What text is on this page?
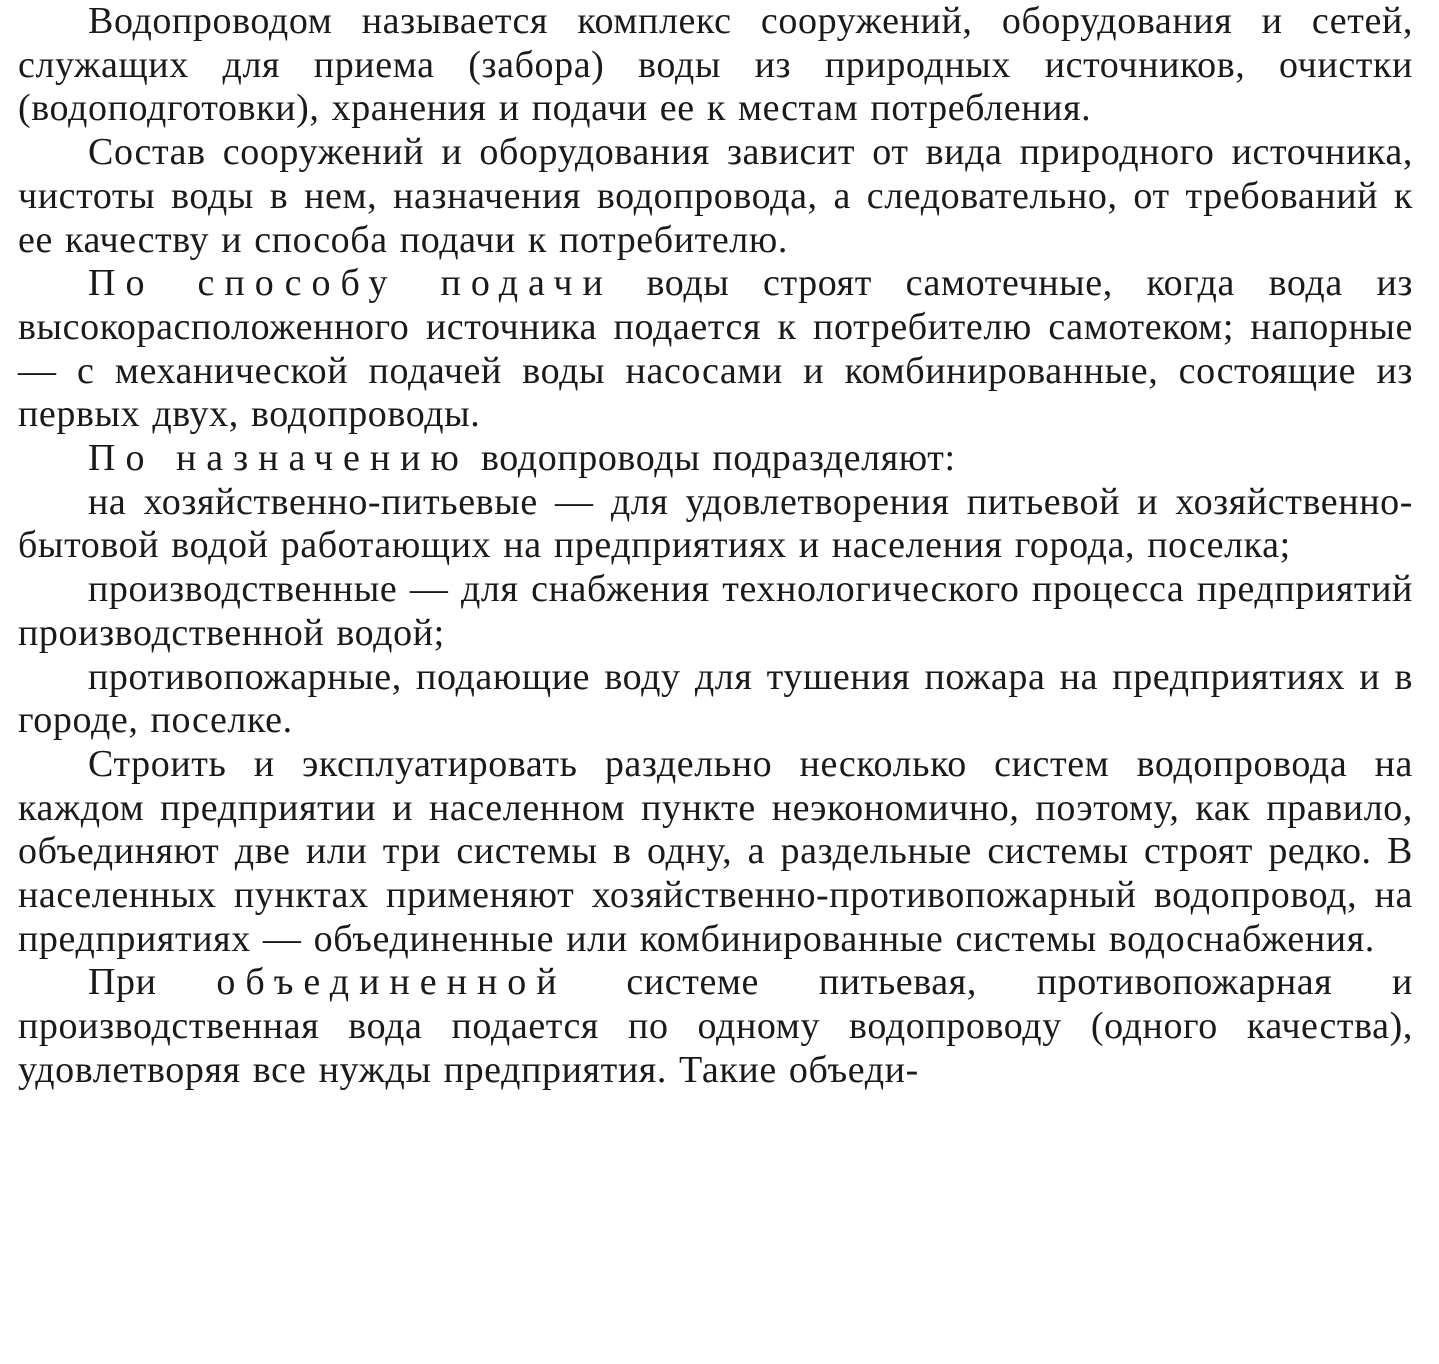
Водопроводом называется комплекс сооружений, оборудования и сетей, служащих для приема (забора) воды из природных источников, очистки (водоподготовки), хранения и подачи ее к местам потребления.

Состав сооружений и оборудования зависит от вида природного источника, чистоты воды в нем, назначения водопровода, а следовательно, от требований к ее качеству и способа подачи к потребителю.

По способу подачи воды строят самотечные, когда вода из высокорасположенного источника подается к потребителю самотеком; напорные — с механической подачей воды насосами и комбинированные, состоящие из первых двух, водопроводы.

По назначению водопроводы подразделяют:

на хозяйственно-питьевые — для удовлетворения питьевой и хозяйственно-бытовой водой работающих на предприятиях и населения города, поселка;

производственные — для снабжения технологического процесса предприятий производственной водой;

противопожарные, подающие воду для тушения пожара на предприятиях и в городе, поселке.

Строить и эксплуатировать раздельно несколько систем водопровода на каждом предприятии и населенном пункте неэкономично, поэтому, как правило, объединяют две или три системы в одну, а раздельные системы строят редко. В населенных пунктах применяют хозяйственно-противопожарный водопровод, на предприятиях — объединенные или комбинированные системы водоснабжения.

При объединенной системе питьевая, противопожарная и производственная вода подается по одному водопроводу (одного качества), удовлетворяя все нужды предприятия. Такие объеди-
